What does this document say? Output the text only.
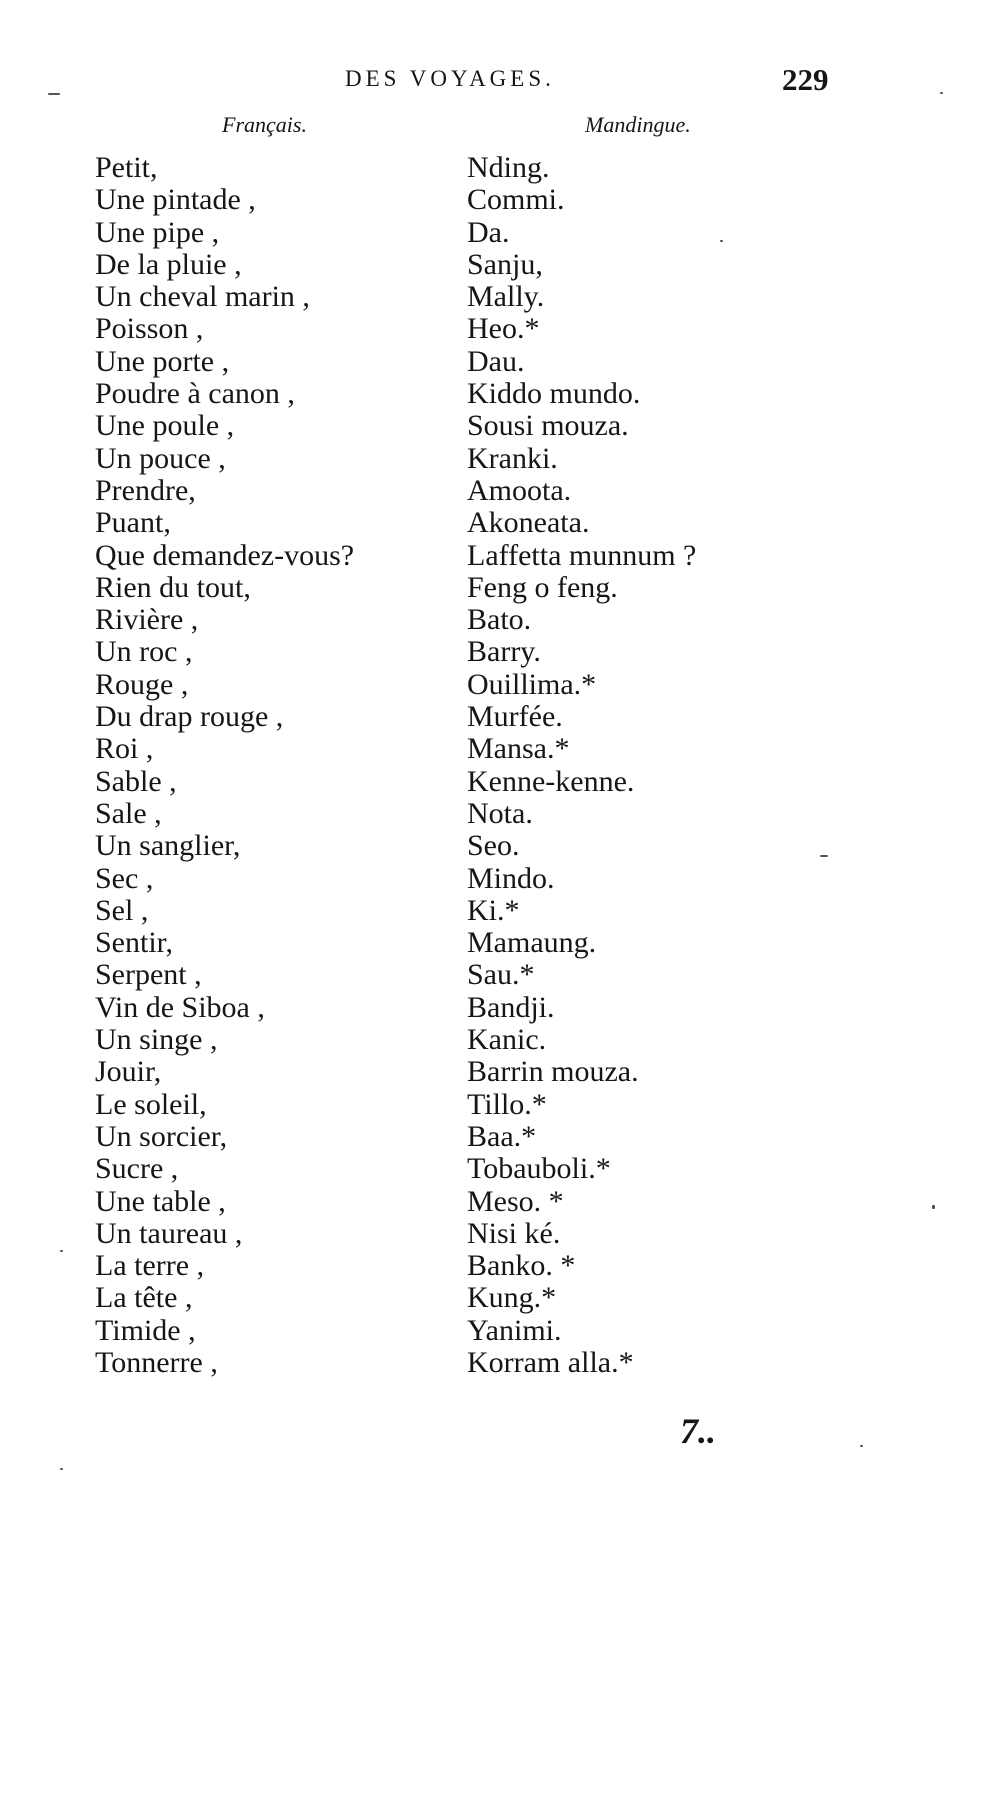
DES VOYAGES.	229
Français.	Mandingue.
Petit,	Nding.
Une pintade ,	Commi.
Une pipe ,	Da.
De la pluie ,	Sanju,
Un cheval marin ,	Mally.
Poisson ,	Heo.*
Une porte ,	Dau.
Poudre à canon ,	Kiddo mundo.
Une poule ,	Sousi mouza.
Un pouce ,	Kranki.
Prendre,	Amoota.
Puant,	Akoneata.
Que demandez-vous?	Laffetta munnum ?
Rien du tout,	Feng o feng.
Rivière ,	Bato.
Un roc ,	Barry.
Rouge ,	Ouillima.*
Du drap rouge ,	Murfée.
Roi ,	Mansa.*
Sable ,	Kenne-kenne.
Sale ,	Nota.
Un sanglier,	Seo.
Sec ,	Mindo.
Sel ,	Ki.*
Sentir,	Mamaung.
Serpent ,	Sau.*
Vin de Siboa ,	Bandji.
Un singe ,	Kanic.
Jouir,	Barrin mouza.
Le soleil,	Tillo.*
Un sorcier,	Baa.*
Sucre ,	Tobauboli.*
Une table ,	Meso. *
Un taureau ,	Nisi ké.
La terre ,	Banko. *
La tête ,	Kung.*
Timide ,	Yanimi.
Tonnerre ,	Korram alla.*
7..
